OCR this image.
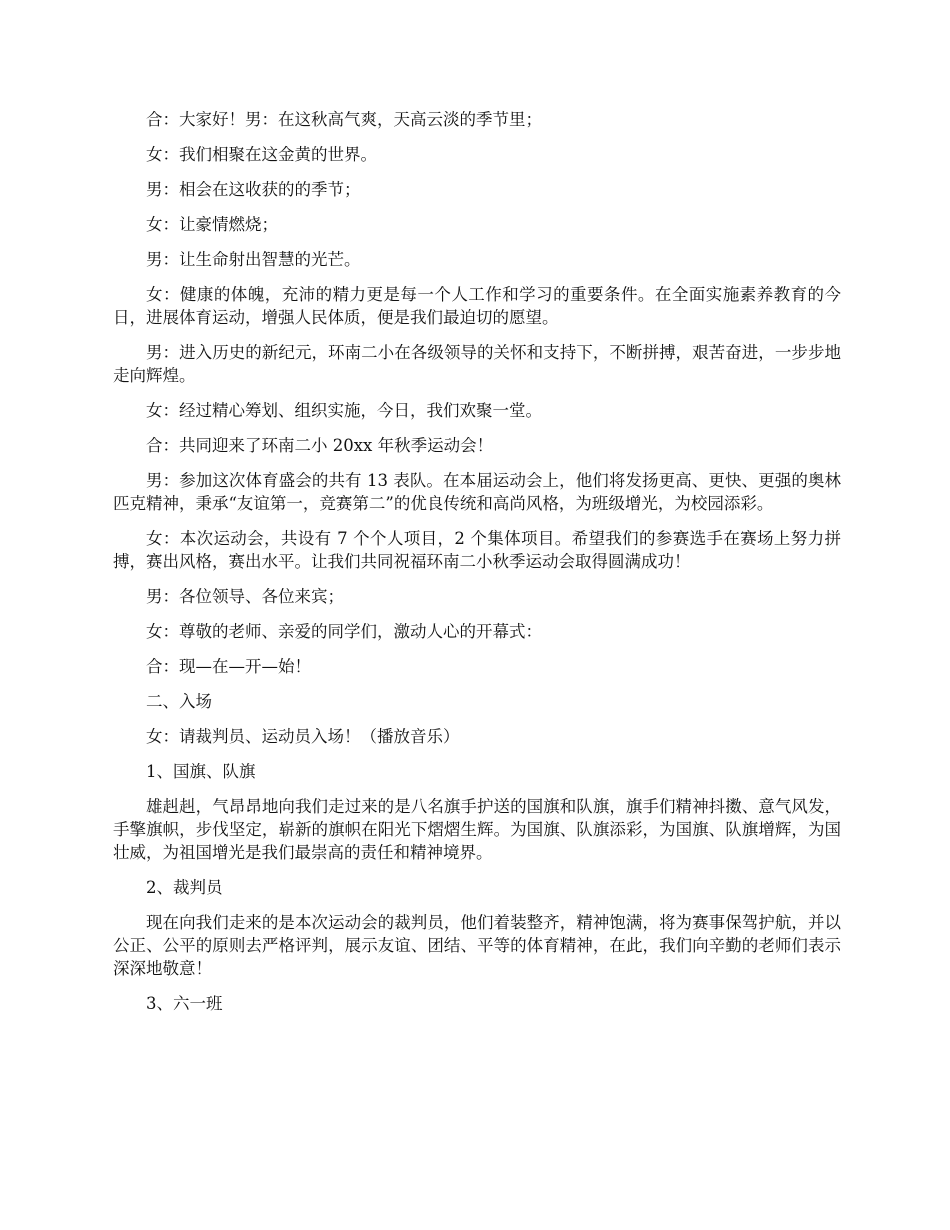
合：大家好！男：在这秋高气爽，天高云淡的季节里；

女：我们相聚在这金黄的世界。

男：相会在这收获的的季节；

女：让豪情燃烧；

男：让生命射出智慧的光芒。

女：健康的体魄，充沛的精力更是每一个人工作和学习的重要条件。在全面实施素养教育的今日，进展体育运动，增强人民体质，便是我们最迫切的愿望。

男：进入历史的新纪元，环南二小在各级领导的关怀和支持下，不断拼搏，艰苦奋进，一步步地走向辉煌。

女：经过精心筹划、组织实施，今日，我们欢聚一堂。

合：共同迎来了环南二小 20xx 年秋季运动会！

男：参加这次体育盛会的共有 13 表队。在本届运动会上，他们将发扬更高、更快、更强的奥林匹克精神，秉承“友谊第一，竞赛第二”的优良传统和高尚风格，为班级增光，为校园添彩。

女：本次运动会，共设有 7 个个人项目，2 个集体项目。希望我们的参赛选手在赛场上努力拼搏，赛出风格，赛出水平。让我们共同祝福环南二小秋季运动会取得圆满成功！

男：各位领导、各位来宾；

女：尊敬的老师、亲爱的同学们，激动人心的开幕式：

合：现—在—开—始！

二、入场

女：请裁判员、运动员入场！（播放音乐）

1、国旗、队旗

雄赳赳，气昂昂地向我们走过来的是八名旗手护送的国旗和队旗，旗手们精神抖擞、意气风发，手擎旗帜，步伐坚定，崭新的旗帜在阳光下熠熠生辉。为国旗、队旗添彩，为国旗、队旗增辉，为国壮威，为祖国增光是我们最崇高的责任和精神境界。

2、裁判员

现在向我们走来的是本次运动会的裁判员，他们着装整齐，精神饱满，将为赛事保驾护航，并以公正、公平的原则去严格评判，展示友谊、团结、平等的体育精神，在此，我们向辛勤的老师们表示深深地敬意！

3、六一班
